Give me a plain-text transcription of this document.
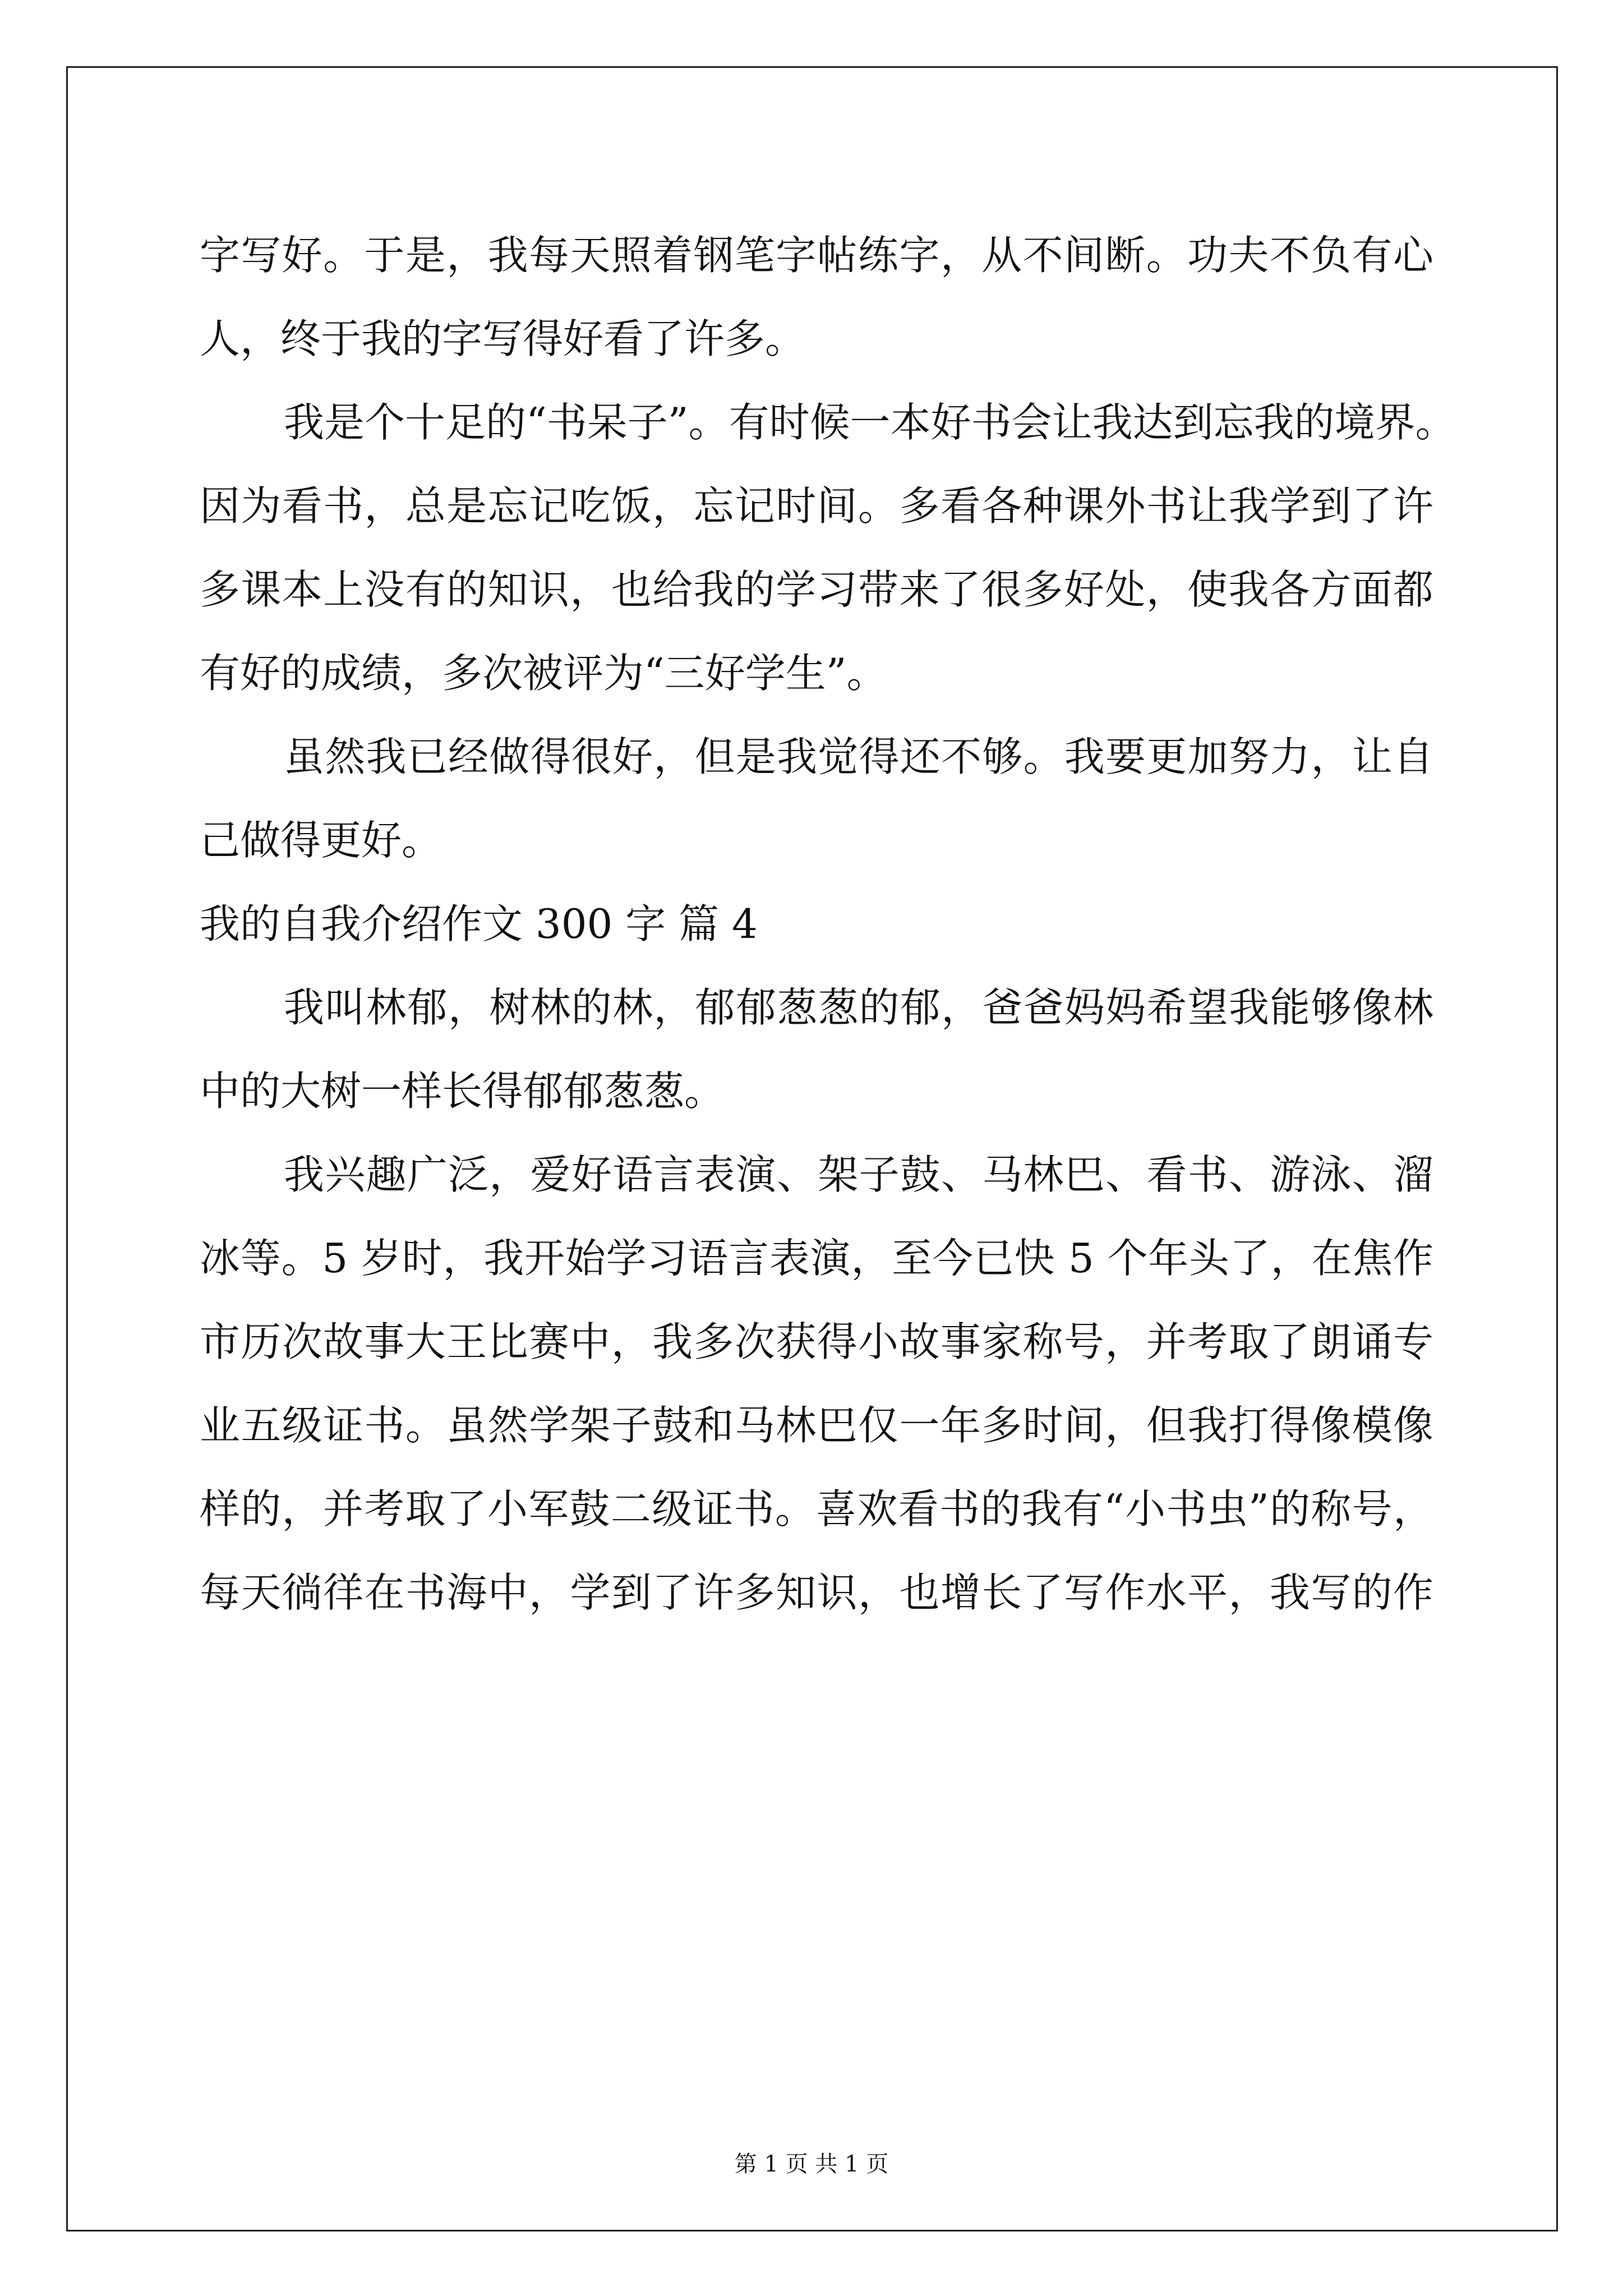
字写好。于是，我每天照着钢笔字帖练字，从不间断。功夫不负有心
人，终于我的字写得好看了许多。
我是个十足的“书呆子”。有时候一本好书会让我达到忘我的境界。
因为看书，总是忘记吃饭，忘记时间。多看各种课外书让我学到了许
多课本上没有的知识，也给我的学习带来了很多好处，使我各方面都
有好的成绩，多次被评为“三好学生”。
虽然我已经做得很好，但是我觉得还不够。我要更加努力，让自
己做得更好。
我的自我介绍作文 300 字 篇 4
我叫林郁，树林的林，郁郁葱葱的郁，爸爸妈妈希望我能够像林
中的大树一样长得郁郁葱葱。
我兴趣广泛，爱好语言表演、架子鼓、马林巴、看书、游泳、溜
冰等。5 岁时，我开始学习语言表演，至今已快 5 个年头了，在焦作
市历次故事大王比赛中，我多次获得小故事家称号，并考取了朗诵专
业五级证书。虽然学架子鼓和马林巴仅一年多时间，但我打得像模像
样的，并考取了小军鼓二级证书。喜欢看书的我有“小书虫”的称号，
每天徜徉在书海中，学到了许多知识，也增长了写作水平，我写的作
第 1 页 共 1 页
